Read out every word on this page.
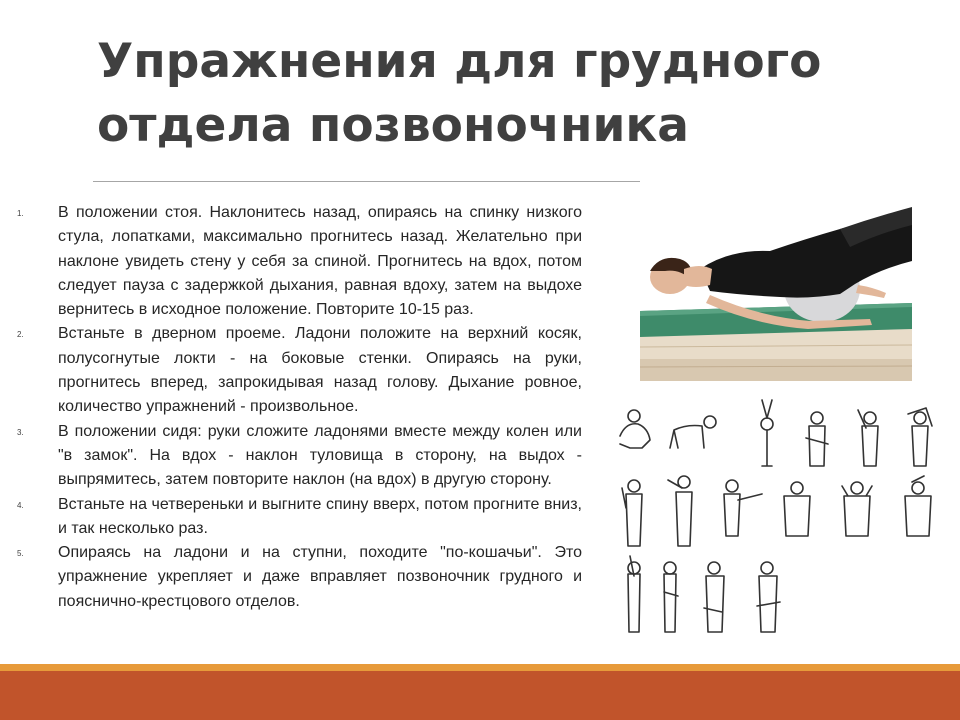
Упражнения для грудного отдела позвоночника
1. В положении стоя. Наклонитесь назад, опираясь на спинку низкого стула, лопатками, максимально прогнитесь назад. Желательно при наклоне увидеть стену у себя за спиной. Прогнитесь на вдох, потом следует пауза с задержкой дыхания, равная вдоху, затем на выдохе вернитесь в исходное положение. Повторите 10-15 раз.
2. Встаньте в дверном проеме. Ладони положите на верхний косяк, полусогнутые локти - на боковые стенки. Опираясь на руки, прогнитесь вперед, запрокидывая назад голову. Дыхание ровное, количество упражнений - произвольное.
3. В положении сидя: руки сложите ладонями вместе между колен или "в замок". На вдох - наклон туловища в сторону, на выдох - выпрямитесь, затем повторите наклон (на вдох) в другую сторону.
4. Встаньте на четвереньки и выгните спину вверх, потом прогните вниз, и так несколько раз.
5. Опираясь на ладони и на ступни, походите "по-кошачьи". Это упражнение укрепляет и даже вправляет позвоночник грудного и пояснично-крестцового отделов.
